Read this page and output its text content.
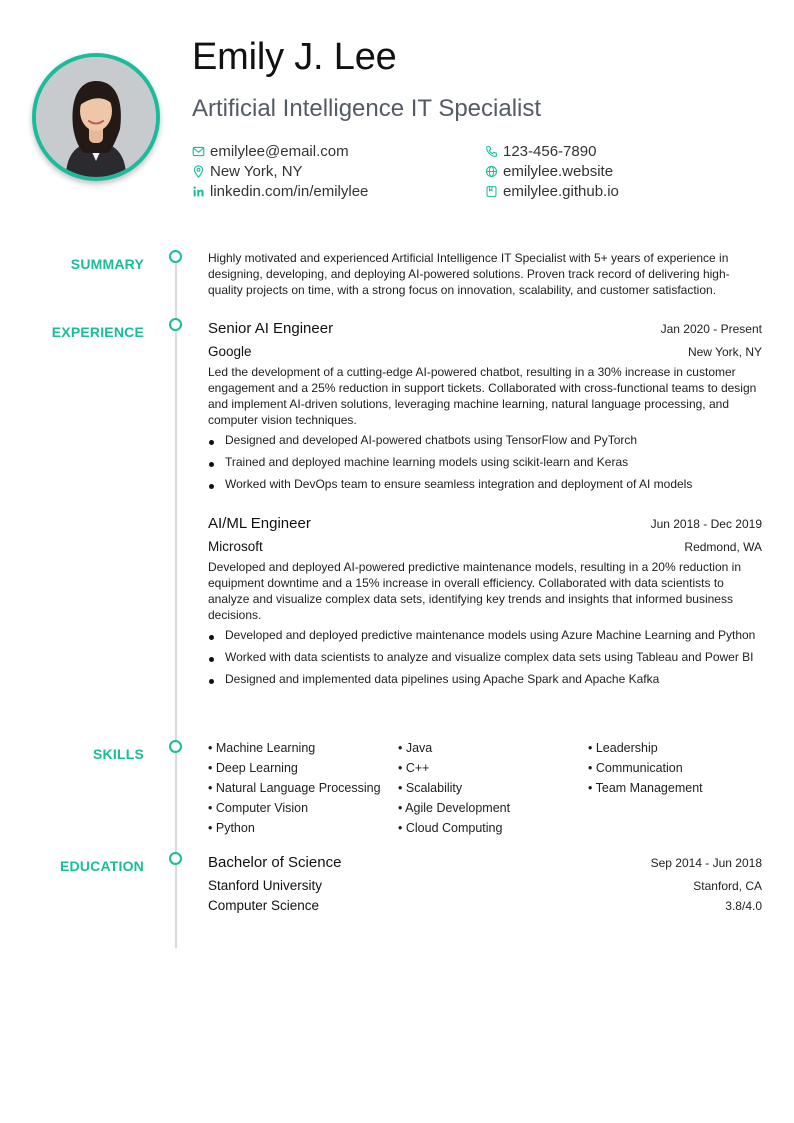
Emily J. Lee
Artificial Intelligence IT Specialist
emilylee@email.com
New York, NY
linkedin.com/in/emilylee
123-456-7890
emilylee.website
emilylee.github.io
SUMMARY	Highly motivated and experienced Artificial Intelligence IT Specialist with 5+ years of experience in designing, developing, and deploying AI-powered solutions. Proven track record of delivering high-quality projects on time, with a strong focus on innovation, scalability, and customer satisfaction.

EXPERIENCE	Senior AI Engineer	Jan 2020 - Present
Google	New York, NY

Led the development of a cutting-edge AI-powered chatbot, resulting in a 30% increase in customer engagement and a 25% reduction in support tickets. Collaborated with cross-functional teams to design and implement AI-driven solutions, leveraging machine learning, natural language processing, and computer vision techniques.

Designed and developed AI-powered chatbots using TensorFlow and PyTorch
Trained and deployed machine learning models using scikit-learn and Keras
Worked with DevOps team to ensure seamless integration and deployment of AI models
AI/ML Engineer	Jun 2018 - Dec 2019
Microsoft	Redmond, WA

Developed and deployed AI-powered predictive maintenance models, resulting in a 20% reduction in equipment downtime and a 15% increase in overall efficiency. Collaborated with data scientists to analyze and visualize complex data sets, identifying key trends and insights that informed business decisions.

Developed and deployed predictive maintenance models using Azure Machine Learning and Python
Worked with data scientists to analyze and visualize complex data sets using Tableau and Power BI
Designed and implemented data pipelines using Apache Spark and Apache Kafka
SKILLS
•	Machine Learning
• Deep Learning
• Natural Language Processing
• Computer Vision
• Python
• Java
• C++
• Scalability
• Agile Development
• Cloud Computing
• Leadership
• Communication
• Team Management
EDUCATION	Bachelor of Science	Sep 2014 - Jun 2018
Stanford University	Stanford, CA
Computer Science	3.8/4.0
